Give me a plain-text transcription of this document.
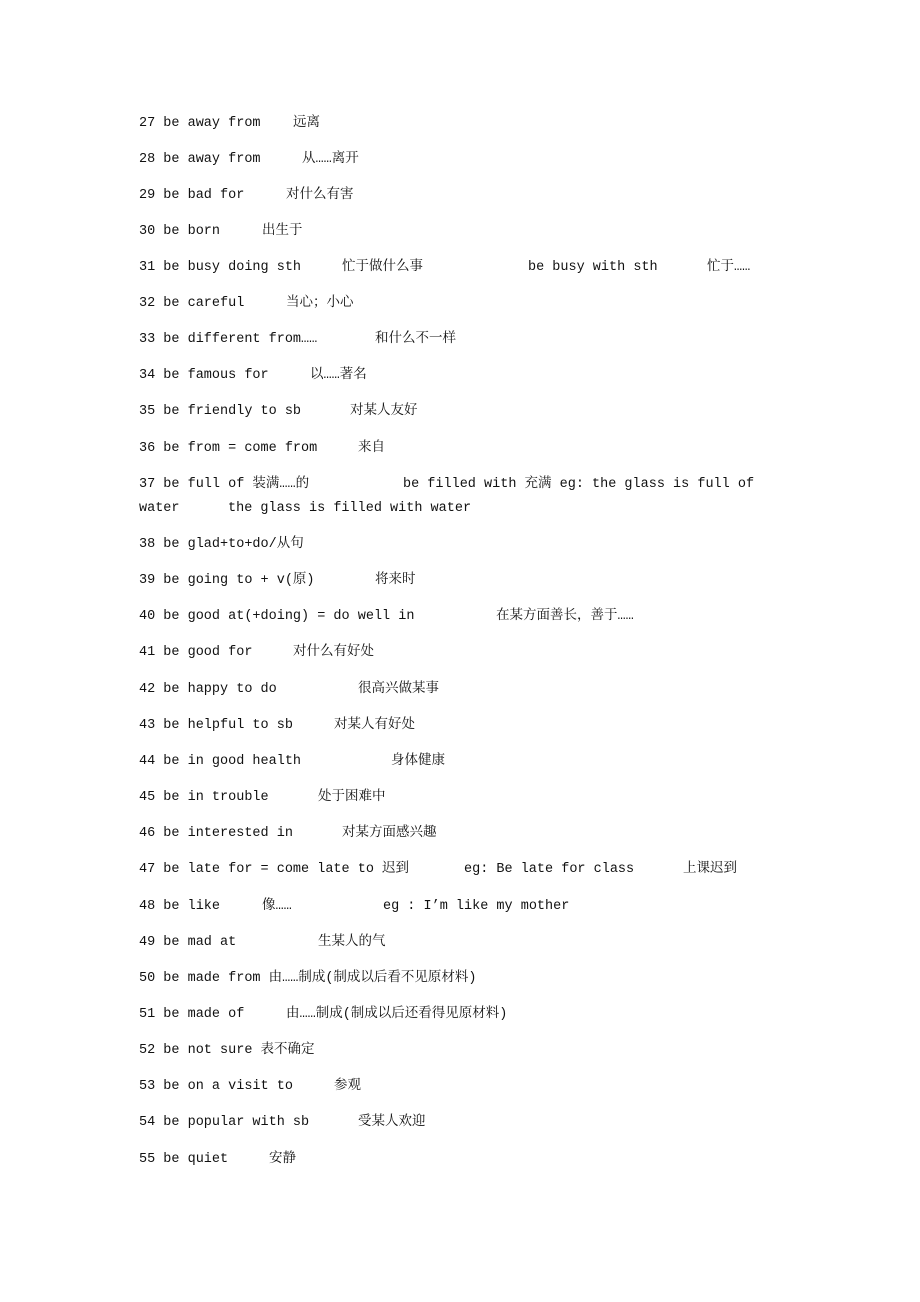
27 be away from 远离
28 be away from	从……离开
29 be bad for	对什么有害
30 be born	出生于
31 be busy doing sth	忙于做什么事	be busy with sth	忙于……
32 be careful	当心；小心
33 be different from……	和什么不一样
34 be famous for	以……著名
35 be friendly to sb	对某人友好
36 be from = come from	来自
37 be full of 装满……的	be filled with 充满 eg: the glass is full of
water	the glass is filled with water
38 be glad+to+do/从句
39 be going to + v(原)	将来时
40 be good at(+doing) = do well in	在某方面善长，善于……
41 be good for	对什么有好处
42 be happy to do	很高兴做某事
43 be helpful to sb	对某人有好处
44 be in good health	身体健康
45 be in trouble	处于困难中
46 be interested in	对某方面感兴趣
47 be late for = come late to 迟到	eg: Be late for class	上课迟到
48 be like	像……	eg : I’m like my mother
49 be mad at	生某人的气
50 be made from 由……制成(制成以后看不见原材料)
51 be made of	由……制成(制成以后还看得见原材料)
52 be not sure 表不确定
53 be on a visit to	参观
54 be popular with sb	受某人欢迎
55 be quiet	安静
